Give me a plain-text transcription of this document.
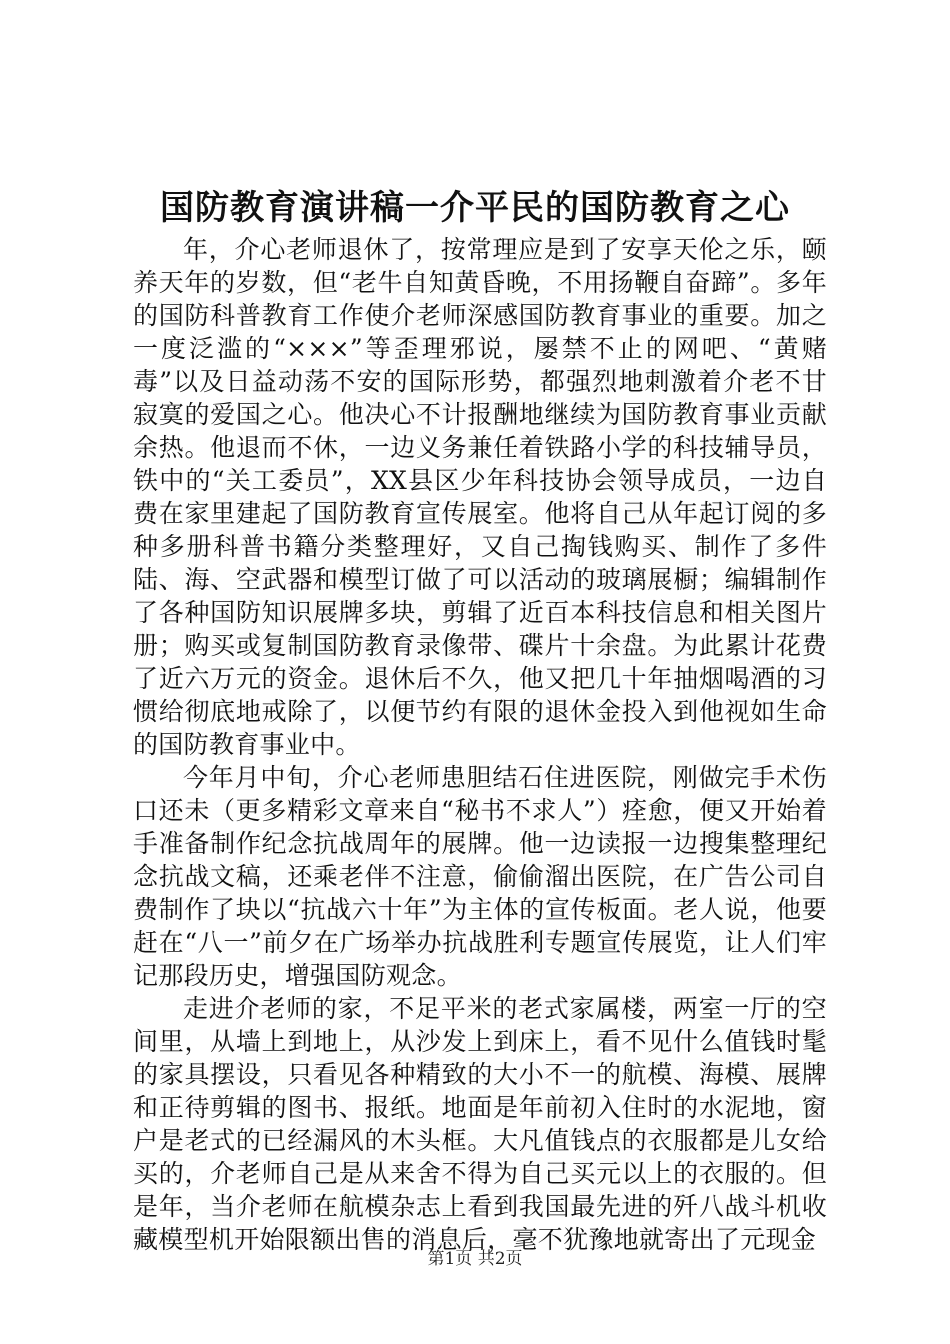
国防教育演讲稿一介平民的国防教育之心

年，介心老师退休了，按常理应是到了安享天伦之乐，颐养天年的岁数，但“老牛自知黄昏晚，不用扬鞭自奋蹄”。多年的国防科普教育工作使介老师深感国防教育事业的重要。加之一度泛滥的“×××”等歪理邪说，屡禁不止的网吧、“黄赌毒”以及日益动荡不安的国际形势，都强烈地刺激着介老不甘寂寞的爱国之心。他决心不计报酬地继续为国防教育事业贡献余热。他退而不休，一边义务兼任着铁路小学的科技辅导员，铁中的“关工委员”，XX县区少年科技协会领导成员，一边自费在家里建起了国防教育宣传展室。他将自己从年起订阅的多种多册科普书籍分类整理好，又自己掏钱购买、制作了多件陆、海、空武器和模型订做了可以活动的玻璃展橱；编辑制作了各种国防知识展牌多块，剪辑了近百本科技信息和相关图片册；购买或复制国防教育录像带、碟片十余盘。为此累计花费了近六万元的资金。退休后不久，他又把几十年抽烟喝酒的习惯给彻底地戒除了，以便节约有限的退休金投入到他视如生命的国防教育事业中。

今年月中旬，介心老师患胆结石住进医院，刚做完手术伤口还未（更多精彩文章来自“秘书不求人”）痊愈，便又开始着手准备制作纪念抗战周年的展牌。他一边读报一边搜集整理纪念抗战文稿，还乘老伴不注意，偷偷溜出医院，在广告公司自费制作了块以“抗战六十年”为主体的宣传板面。老人说，他要赶在“八一”前夕在广场举办抗战胜利专题宣传展览，让人们牢记那段历史，增强国防观念。

走进介老师的家，不足平米的老式家属楼，两室一厅的空间里，从墙上到地上，从沙发上到床上，看不见什么值钱时髦的家具摆设，只看见各种精致的大小不一的航模、海模、展牌和正待剪辑的图书、报纸。地面是年前初入住时的水泥地，窗户是老式的已经漏风的木头框。大凡值钱点的衣服都是儿女给买的，介老师自己是从来舍不得为自己买元以上的衣服的。但是年，当介老师在航模杂志上看到我国最先进的歼八战斗机收藏模型机开始限额出售的消息后，毫不犹豫地就寄出了元现金

第1页 共2页
